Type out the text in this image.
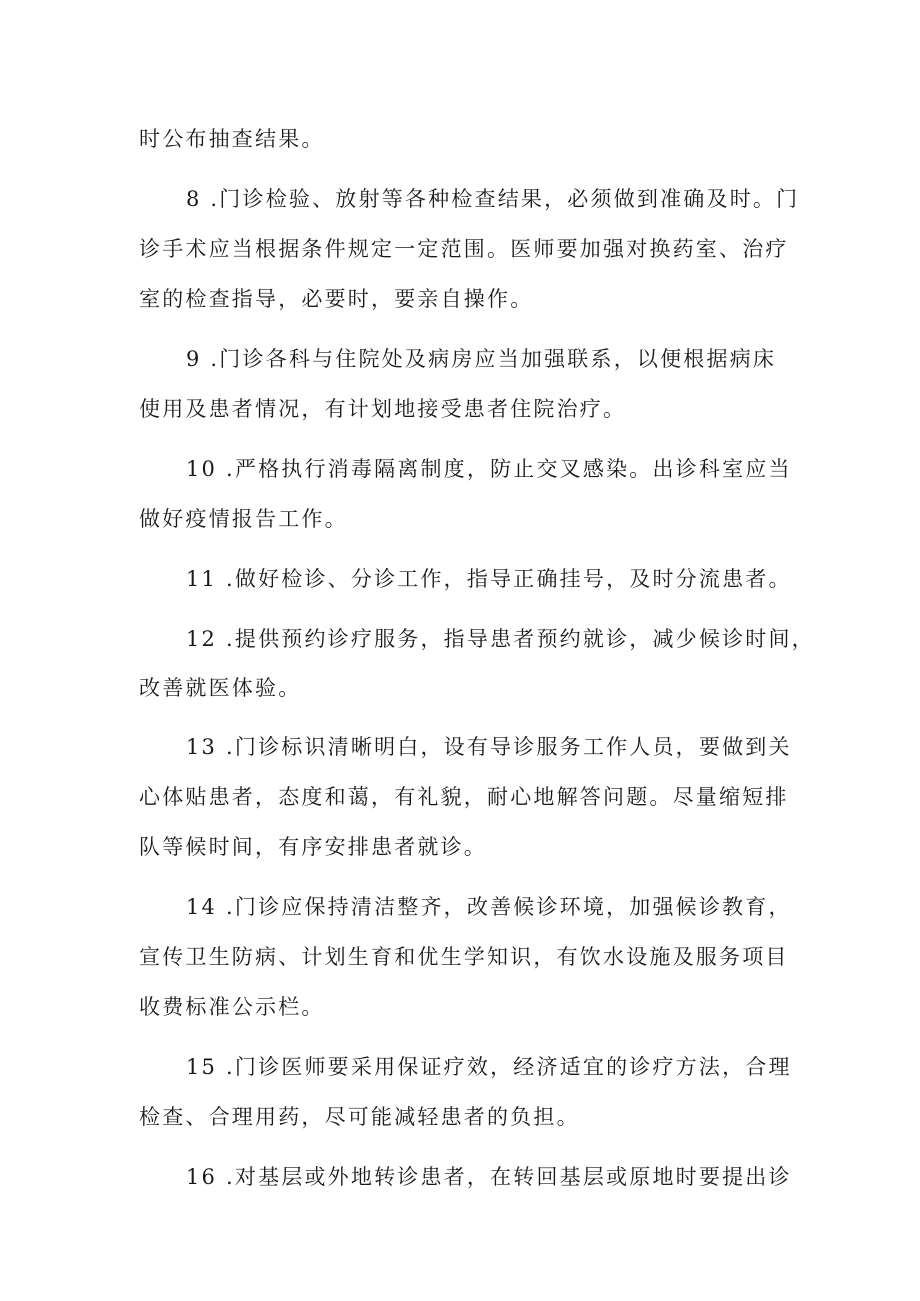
时公布抽查结果。
8 .门诊检验、放射等各种检查结果，必须做到准确及时。门
诊手术应当根据条件规定一定范围。医师要加强对换药室、治疗
室的检查指导，必要时，要亲自操作。
9 .门诊各科与住院处及病房应当加强联系，以便根据病床
使用及患者情况，有计划地接受患者住院治疗。
10 .严格执行消毒隔离制度，防止交叉感染。出诊科室应当
做好疫情报告工作。
11 .做好检诊、分诊工作，指导正确挂号，及时分流患者。
12 .提供预约诊疗服务，指导患者预约就诊，减少候诊时间，
改善就医体验。
13 .门诊标识清晰明白，设有导诊服务工作人员，要做到关
心体贴患者，态度和蔼，有礼貌，耐心地解答问题。尽量缩短排
队等候时间，有序安排患者就诊。
14 .门诊应保持清洁整齐，改善候诊环境，加强候诊教育，
宣传卫生防病、计划生育和优生学知识，有饮水设施及服务项目
收费标准公示栏。
15 .门诊医师要采用保证疗效，经济适宜的诊疗方法，合理
检查、合理用药，尽可能减轻患者的负担。
16 .对基层或外地转诊患者，在转回基层或原地时要提出诊
